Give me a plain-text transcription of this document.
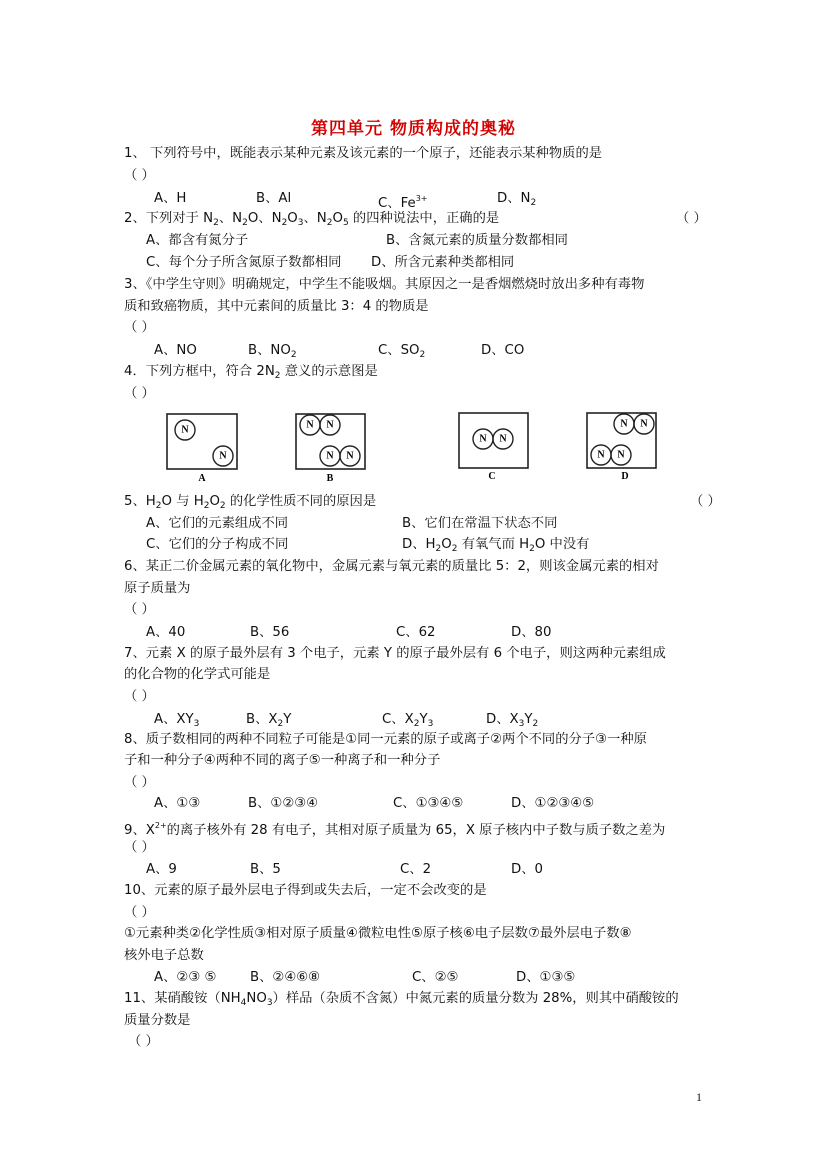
第四单元 物质构成的奥秘
1、 下列符号中，既能表示某种元素及该元素的一个原子，还能表示某种物质的是
（ ）
A、H	B、Al	C、$Fe^{3+}$	D、$N_2$
2、下列对于 $N_2$、$N_2O$、$N_2O_3$、$N_2O_5$ 的四种说法中，正确的是	（ ）
A、都含有氮分子	B、含氮元素的质量分数都相同
C、每个分子所含氮原子数都相同 D、所含元素种类都相同
3、《中学生守则》明确规定，中学生不能吸烟。其原因之一是香烟燃烧时放出多种有毒物
质和致癌物质，其中元素间的质量比 3：4 的物质是
（ ）
A、NO	B、$NO_2$	C、$SO_2$	D、CO
4．下列方框中，符合 $2N_2$ 意义的示意图是
（ ）
N
N
A
N N
N N
B
N N
C
N N
N N
D
5、$H_2O$ 与 $H_2O_2$ 的化学性质不同的原因是	（ ）
A、它们的元素组成不同	B、它们在常温下状态不同
C、它们的分子构成不同	D、$H_2O_2$ 有氧气而 $H_2O$ 中没有
6、某正二价金属元素的氧化物中，金属元素与氧元素的质量比 5：2，则该金属元素的相对
原子质量为
（ ）
A、40	B、56	C、62	D、80
7、元素 X 的原子最外层有 3 个电子，元素 Y 的原子最外层有 6 个电子，则这两种元素组成
的化合物的化学式可能是
（ ）
A、$XY_3$	B、$X_2Y$	C、$X_2Y_3$	D、$X_3Y_2$
8、质子数相同的两种不同粒子可能是①同一元素的原子或离子②两个不同的分子③一种原
子和一种分子④两种不同的离子⑤一种离子和一种分子
（ ）
A、①③	B、①②③④	C、①③④⑤	D、①②③④⑤
9、$X^{2+}$的离子核外有 28 有电子，其相对原子质量为 65，X 原子核内中子数与质子数之差为
（ ）
A、9	B、5	C、2	D、0
10、元素的原子最外层电子得到或失去后，一定不会改变的是
（ ）
①元素种类②化学性质③相对原子质量④微粒电性⑤原子核⑥电子层数⑦最外层电子数⑧
核外电子总数
A、②③ ⑤	B、②④⑥⑧	C、②⑤	D、①③⑤
11、某硝酸铵$(NH_4NO_3)$样品（杂质不含氮）中氮元素的质量分数为 28%，则其中硝酸铵的
质量分数是
（ ）
1
